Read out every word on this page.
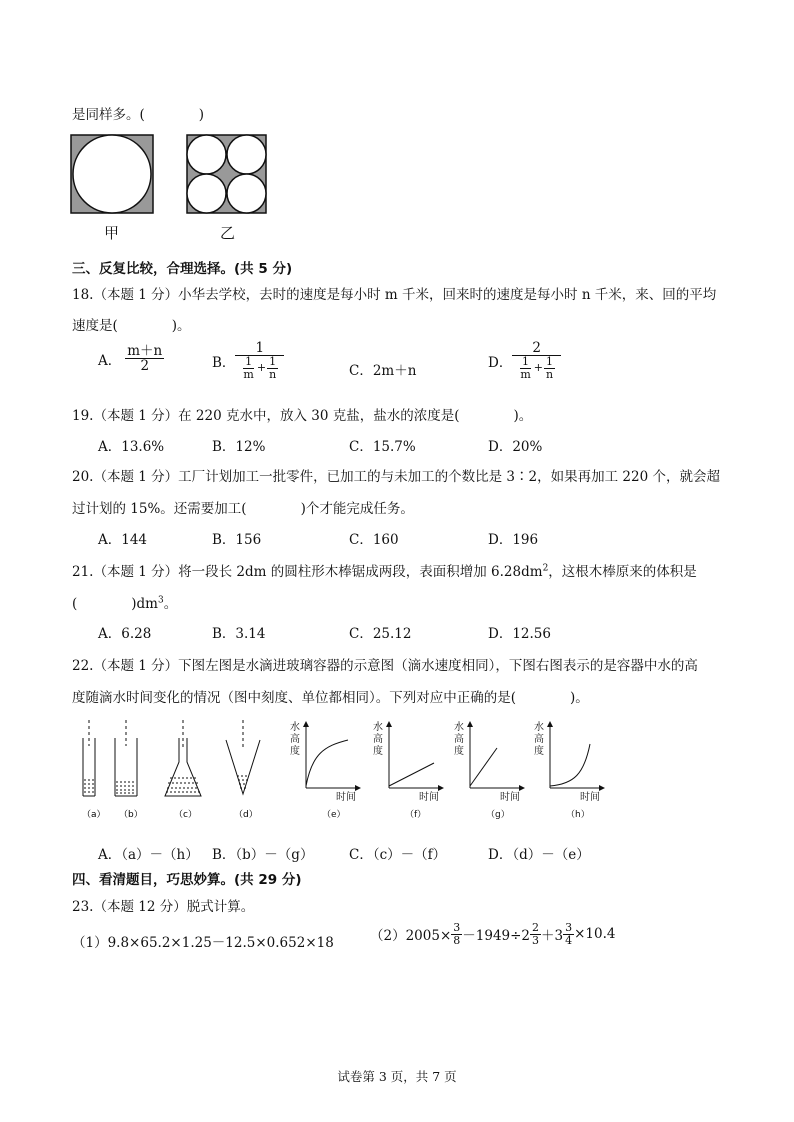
是同样多。(　　　　)
甲	乙
三、反复比较，合理选择。(共 5 分)
18.（本题 1 分）小华去学校，去时的速度是每小时 m 千米，回来时的速度是每小时 n 千米，来、回的平均
速度是(　　　　)。
A． $\frac{m+n}{2}$	B． $\frac{1}{\frac{1}{m} + \frac{1}{n}}$	C．2m＋n
D． $\frac{2}{\frac{1}{m} + \frac{1}{n}}$
19.（本题 1 分）在 220 克水中，放入 30 克盐，盐水的浓度是(　　　　)。
A．13.6%	B．12%	C．15.7%	D．20%
20.（本题 1 分）工厂计划加工一批零件，已加工的与未加工的个数比是 3∶2，如果再加工 220 个，就会超
过计划的 15%。还需要加工(　　　　)个才能完成任务。
A．144	B．156	C．160	D．196
21.（本题 1 分）将一段长 2dm 的圆柱形木棒锯成两段，表面积增加 $6.28dm^2$，这根木棒原来的体积是
(　　　　)$dm^3$。
A．6.28	B．3.14	C．25.12	D．12.56
22.（本题 1 分）下图左图是水滴进玻璃容器的示意图（滴水速度相同），下图右图表示的是容器中水的高
度随滴水时间变化的情况（图中刻度、单位都相同）。下列对应中正确的是(　　　　)。
（a） （b）	（c）	（d）
水
高
度
水
高
度
水
高
度
水
高
度
时间	时间	时间	时间
（e）	（f）	（g）	（h）
A．（a）－（h） B．（b）－（g）	C．（c）－（f）	D．（d）－（e）
四、看清题目，巧思妙算。(共 29 分)
23.（本题 12 分）脱式计算。
（1）9.8×65.2×1.25－12.5×0.652×18	$(2)2005\times \frac{3}{8} -1949\div 2 \frac{2}{3} +3 \frac{3}{4} \times 10.4$
试卷第 3 页，共 7 页
